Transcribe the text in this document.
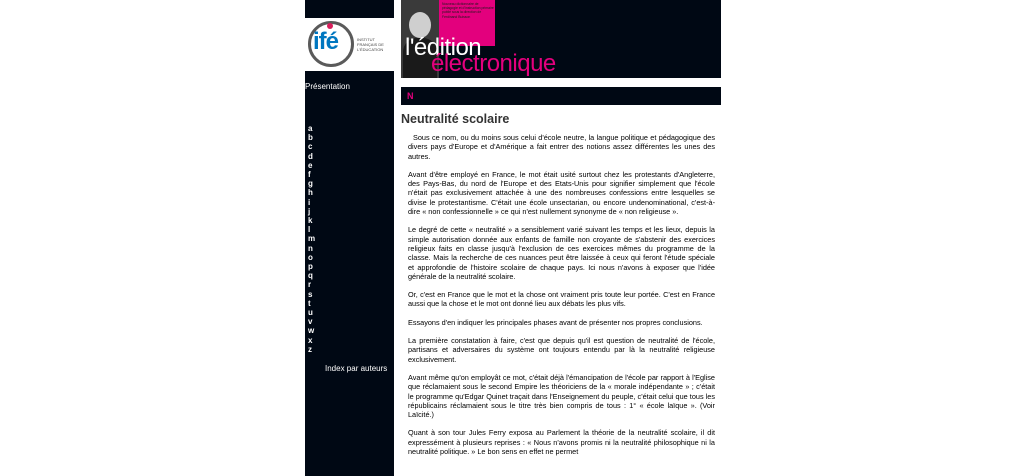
ifé	INSTITUT FRANÇAIS DE L'ÉDUCATION
Présentation
a
b
c
d
e
f
g
h
i
j
k
l
m
n
o
p
q
r
s
t
u
v
w
x
z
Index par auteurs
Nouveau dictionnaire de pédagogie et d'instruction primaire publié sous la direction de Ferdinand Buisson
l'édition
électronique
N
Neutralité scolaire

Sous ce nom, ou du moins sous celui d'école neutre, la langue politique et pédagogique des divers pays d'Europe et d'Amérique a fait entrer des notions assez différentes les unes des autres.

Avant d'être employé en France, le mot était usité surtout chez les protestants d'Angleterre, des Pays-Bas, du nord de l'Europe et des Etats-Unis pour signifier simplement que l'école n'était pas exclusivement attachée à une des nombreuses confessions entre lesquelles se divise le protestantisme. C'était une école unsectarian, ou encore undenominational, c'est-à-dire « non confessionnelle » ce qui n'est nullement synonyme de « non religieuse ».

Le degré de cette « neutralité » a sensiblement varié suivant les temps et les lieux, depuis la simple autorisation donnée aux enfants de famille non croyante de s'abstenir des exercices religieux faits en classe jusqu'à l'exclusion de ces exercices mêmes du programme de la classe. Mais la recherche de ces nuances peut être laissée à ceux qui feront l'étude spéciale et approfondie de l'histoire scolaire de chaque pays. Ici nous n'avons à exposer que l'idée générale de la neutralité scolaire.

Or, c'est en France que le mot et la chose ont vraiment pris toute leur portée. C'est en France aussi que la chose et le mot ont donné lieu aux débats les plus vifs.

Essayons d'en indiquer les principales phases avant de présenter nos propres conclusions.

La première constatation à faire, c'est que depuis qu'il est question de neutralité de l'école, partisans et adversaires du système ont toujours entendu par là la neutralité religieuse exclusivement.

Avant même qu'on employât ce mot, c'était déjà l'émancipation de l'école par rapport à l'Eglise que réclamaient sous le second Empire les théoriciens de la « morale indépendante » ; c'était le programme qu'Edgar Quinet traçait dans l'Enseignement du peuple, c'était celui que tous les républicains réclamaient sous le titre très bien compris de tous : 1° « école laïque ». (Voir Laïcité.)

Quant à son tour Jules Ferry exposa au Parlement la théorie de la neutralité scolaire, il dit expressément à plusieurs reprises : « Nous n'avons promis ni la neutralité philosophique ni la neutralité politique. » Le bon sens en effet ne permet
